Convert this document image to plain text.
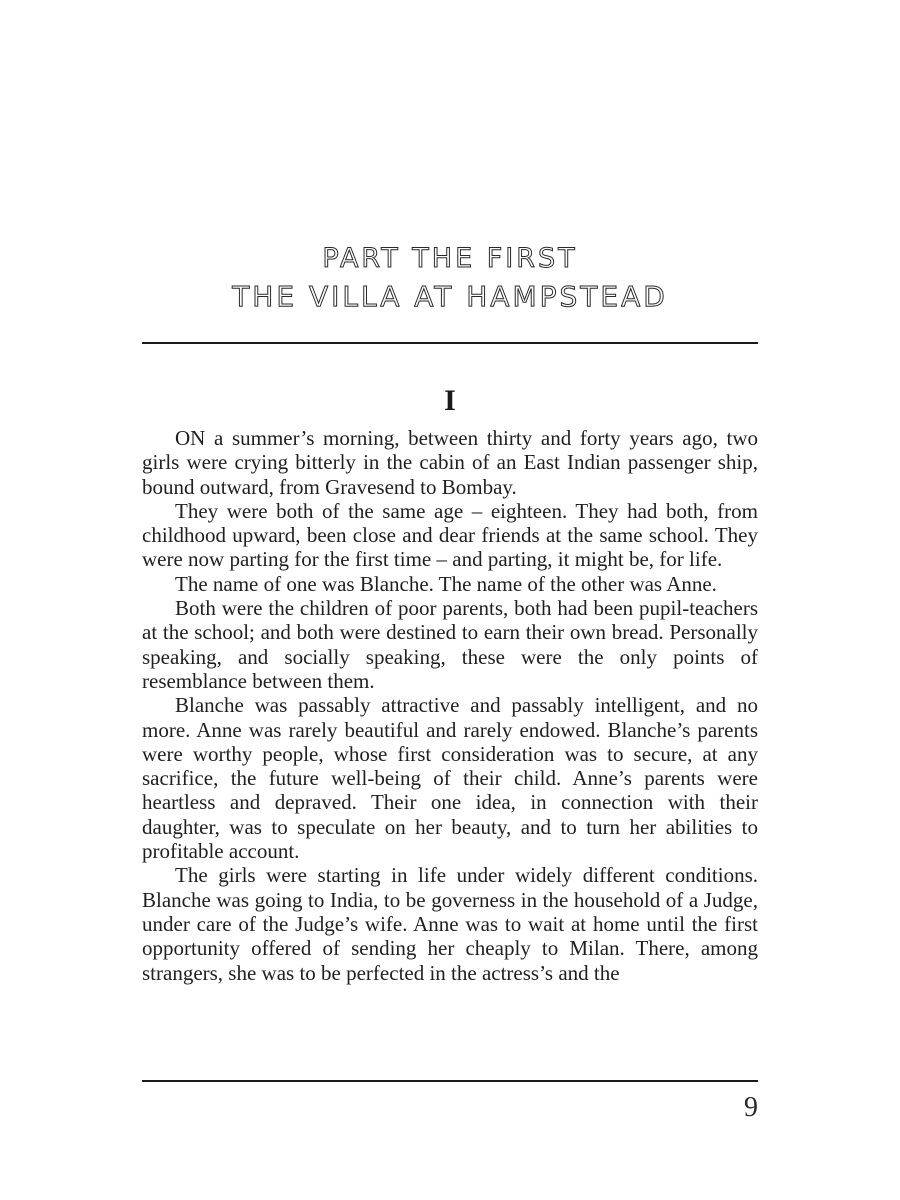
PART THE FIRST
THE VILLA AT HAMPSTEAD
I

ON a summer’s morning, between thirty and forty years ago, two girls were crying bitterly in the cabin of an East Indian passenger ship, bound outward, from Gravesend to Bombay.

They were both of the same age – eighteen. They had both, from childhood upward, been close and dear friends at the same school. They were now parting for the first time – and parting, it might be, for life.

The name of one was Blanche. The name of the other was Anne.

Both were the children of poor parents, both had been pupil-teachers at the school; and both were destined to earn their own bread. Personally speaking, and socially speaking, these were the only points of resemblance between them.

Blanche was passably attractive and passably intelligent, and no more. Anne was rarely beautiful and rarely endowed. Blanche’s parents were worthy people, whose first consideration was to secure, at any sacrifice, the future well-being of their child. Anne’s parents were heartless and depraved. Their one idea, in connection with their daughter, was to speculate on her beauty, and to turn her abilities to profitable account.

The girls were starting in life under widely different conditions. Blanche was going to India, to be governess in the household of a Judge, under care of the Judge’s wife. Anne was to wait at home until the first opportunity offered of sending her cheaply to Milan. There, among strangers, she was to be perfected in the actress’s and the

9
